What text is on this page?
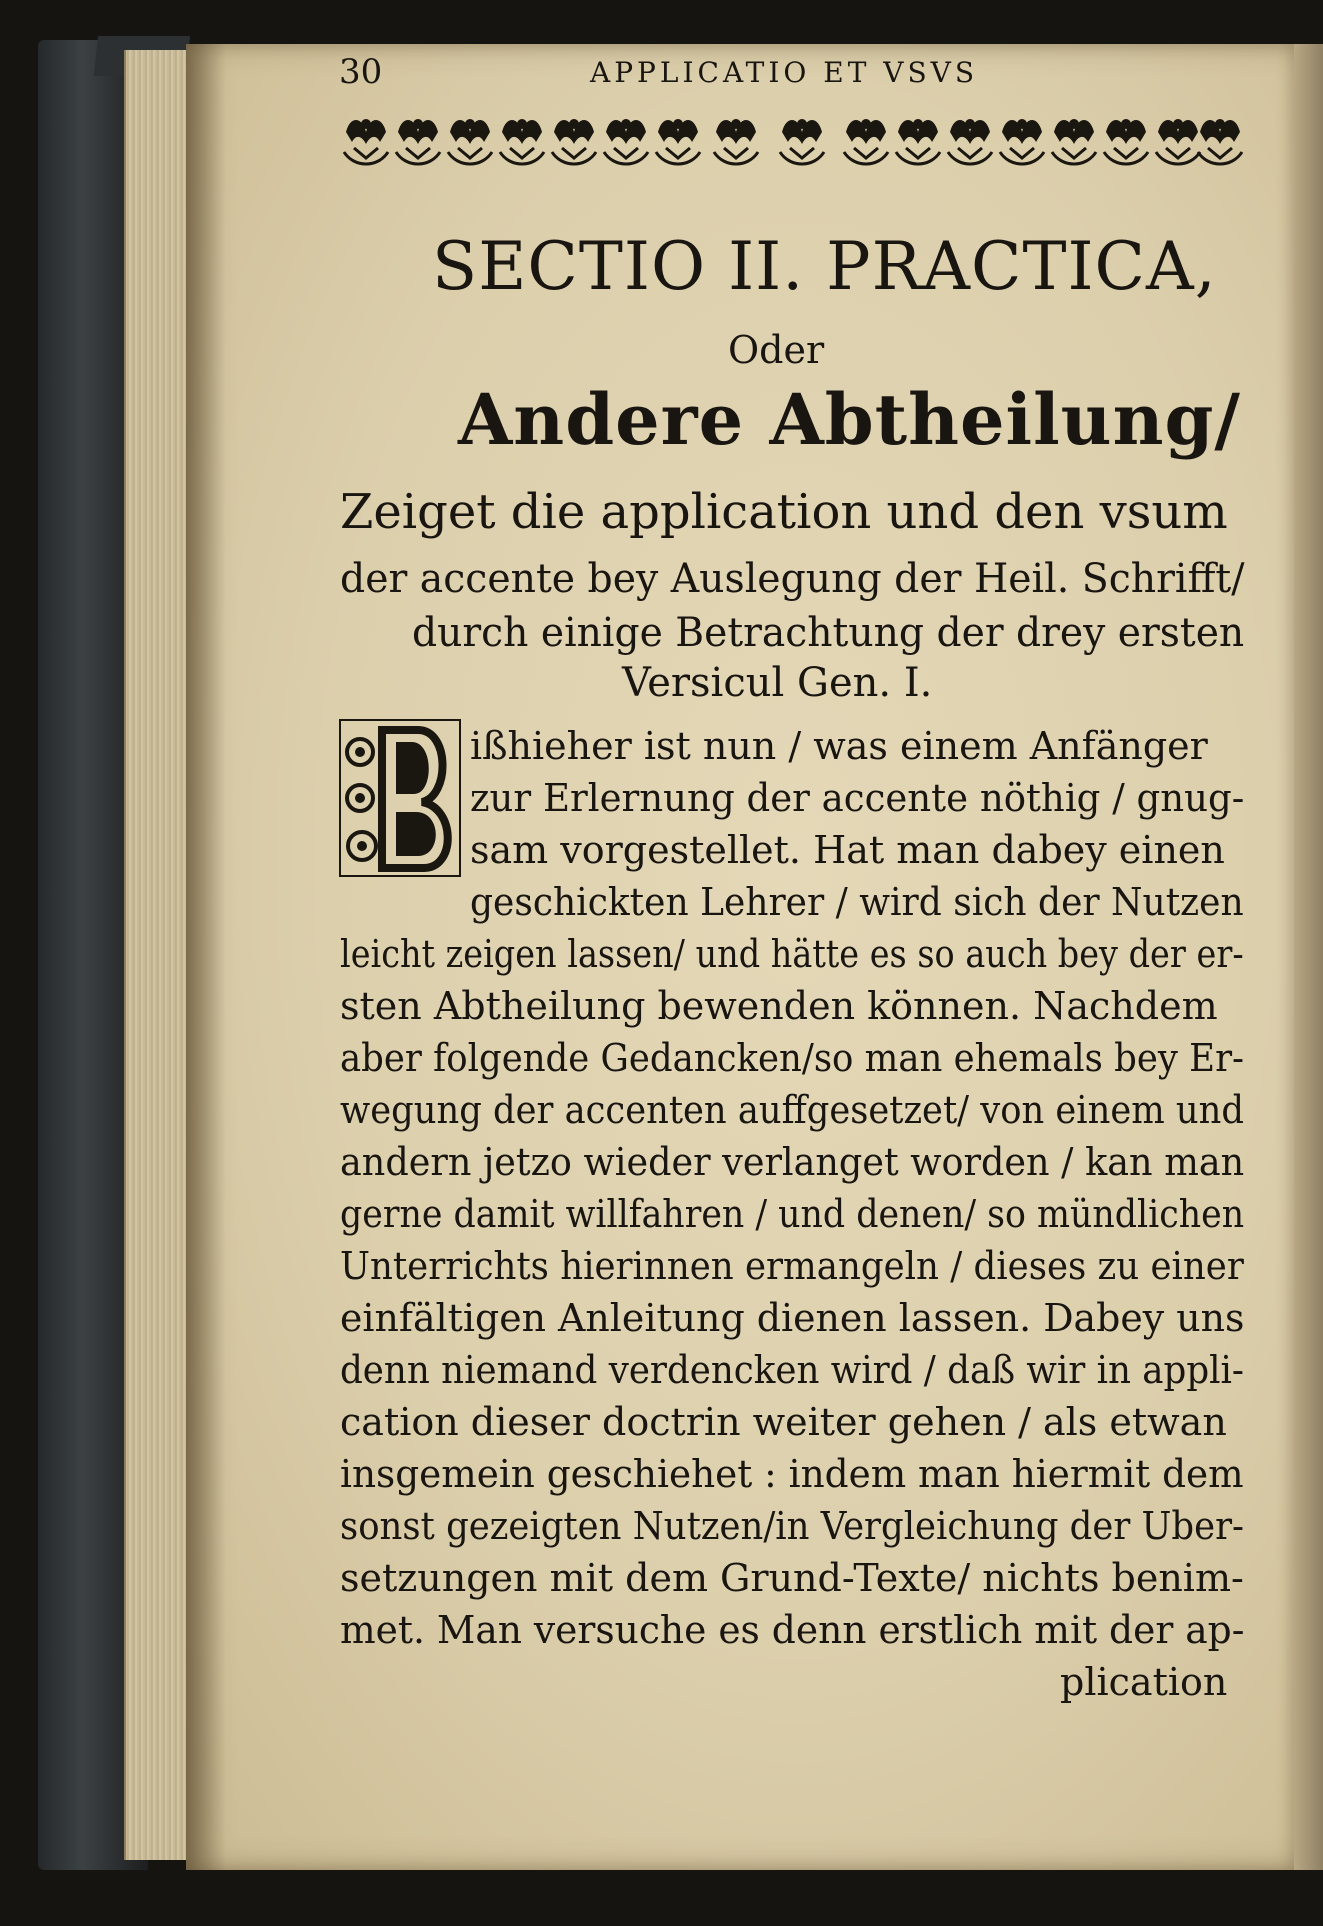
30	APPLICATIO ET VSVS
SECTIO II. PRACTICA,
Oder
Andere Abtheilung/
Zeiget die application und den vsum
der accente bey Auslegung der Heil. Schrifft/
durch einige Betrachtung der drey ersten
Versicul Gen. I.
ißhieher ist nun / was einem Anfänger
zur Erlernung der accente nöthig / gnug-
sam vorgestellet. Hat man dabey einen
geschickten Lehrer / wird sich der Nutzen
leicht zeigen lassen/ und hätte es so auch bey der er-
sten Abtheilung bewenden können. Nachdem
aber folgende Gedancken/so man ehemals bey Er-
wegung der accenten auffgesetzet/ von einem und
andern jetzo wieder verlanget worden / kan man
gerne damit willfahren / und denen/ so mündlichen
Unterrichts hierinnen ermangeln / dieses zu einer
einfältigen Anleitung dienen lassen. Dabey uns
denn niemand verdencken wird / daß wir in appli-
cation dieser doctrin weiter gehen / als etwan
insgemein geschiehet : indem man hiermit dem
sonst gezeigten Nutzen/in Vergleichung der Uber-
setzungen mit dem Grund-Texte/ nichts benim-
met. Man versuche es denn erstlich mit der ap-
plication
